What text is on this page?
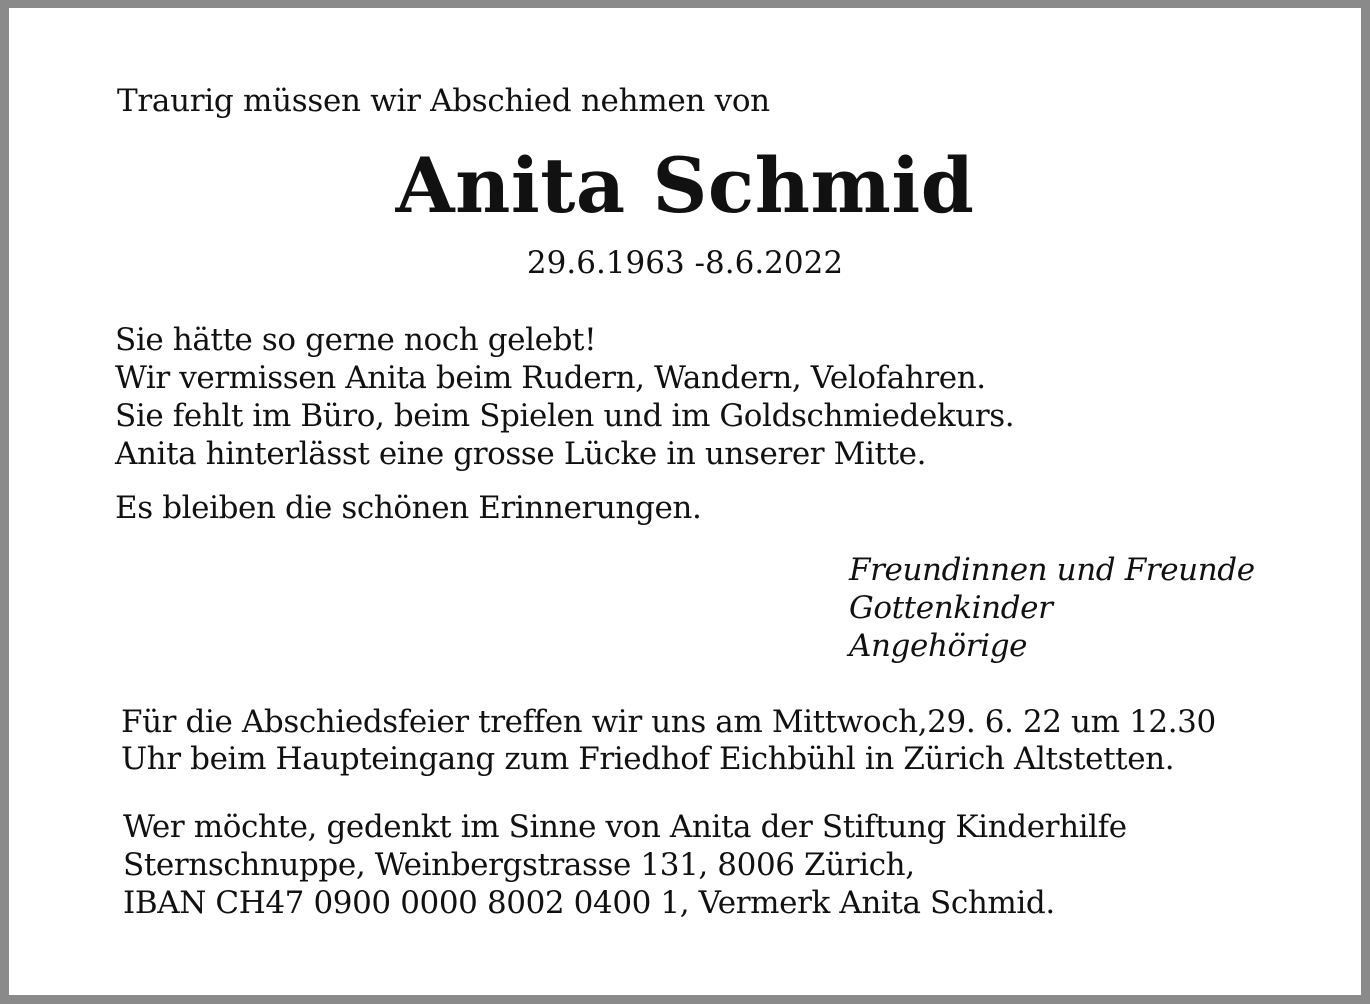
Traurig müssen wir Abschied nehmen von

Anita Schmid

29.6.1963 -8.6.2022

Sie hätte so gerne noch gelebt!
Wir vermissen Anita beim Rudern, Wandern, Velofahren.
Sie fehlt im Büro, beim Spielen und im Goldschmiedekurs.
Anita hinterlässt eine grosse Lücke in unserer Mitte.

Es bleiben die schönen Erinnerungen.

Freundinnen und Freunde
Gottenkinder
Angehörige
Für die Abschiedsfeier treffen wir uns am Mittwoch,29. 6. 22 um 12.30
Uhr beim Haupteingang zum Friedhof Eichbühl in Zürich Altstetten.
Wer möchte, gedenkt im Sinne von Anita der Stiftung Kinderhilfe
Sternschnuppe, Weinbergstrasse 131, 8006 Zürich,
IBAN CH47 0900 0000 8002 0400 1, Vermerk Anita Schmid.
